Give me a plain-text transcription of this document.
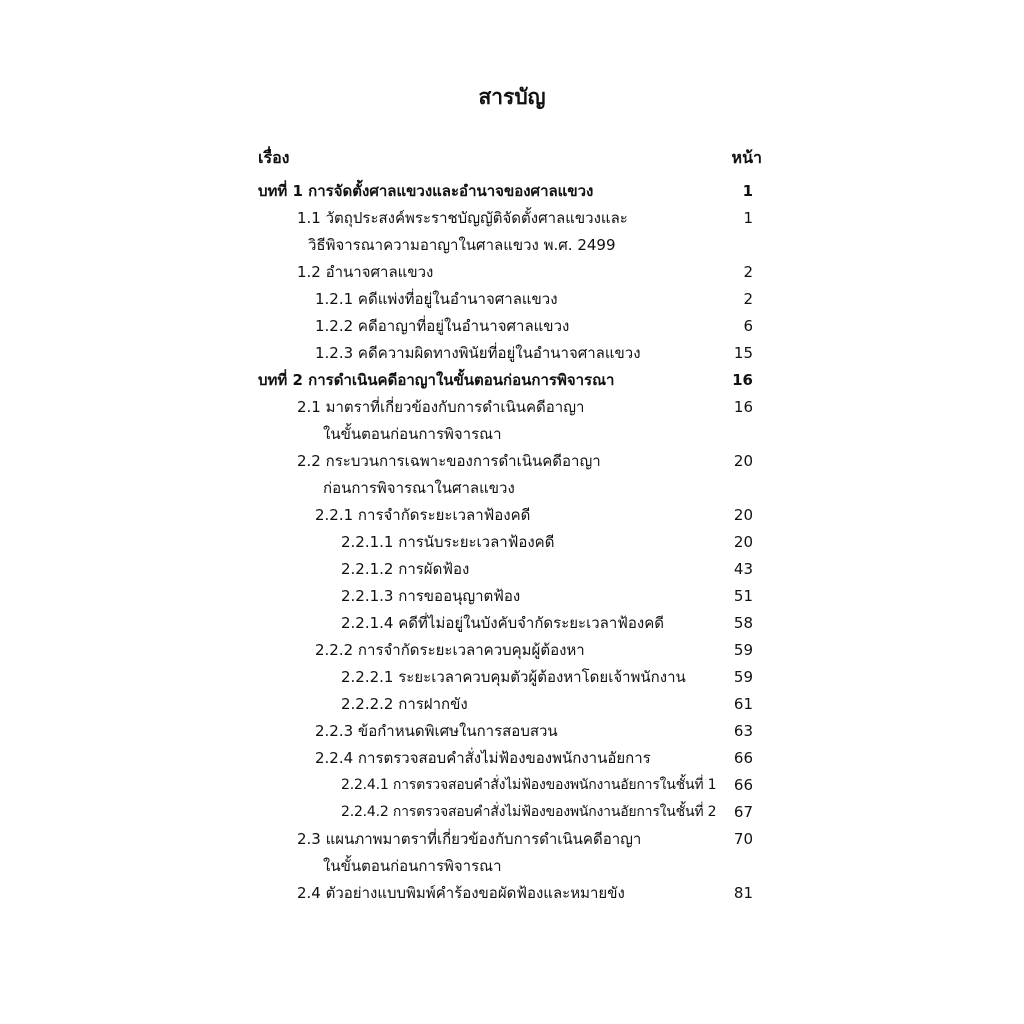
สารบัญ
เรื่อง	หน้า
บทที่ 1 การจัดตั้งศาลแขวงและอำนาจของศาลแขวง	1
1.1 วัตถุประสงค์พระราชบัญญัติจัดตั้งศาลแขวงและ	1
วิธีพิจารณาความอาญาในศาลแขวง พ.ศ. 2499
1.2 อำนาจศาลแขวง	2
1.2.1 คดีแพ่งที่อยู่ในอำนาจศาลแขวง	2
1.2.2 คดีอาญาที่อยู่ในอำนาจศาลแขวง	6
1.2.3 คดีความผิดทางพินัยที่อยู่ในอำนาจศาลแขวง	15
บทที่ 2 การดำเนินคดีอาญาในขั้นตอนก่อนการพิจารณา	16
2.1 มาตราที่เกี่ยวข้องกับการดำเนินคดีอาญา	16
ในขั้นตอนก่อนการพิจารณา
2.2 กระบวนการเฉพาะของการดำเนินคดีอาญา	20
ก่อนการพิจารณาในศาลแขวง
2.2.1 การจำกัดระยะเวลาฟ้องคดี	20
2.2.1.1 การนับระยะเวลาฟ้องคดี	20
2.2.1.2 การผัดฟ้อง	43
2.2.1.3 การขออนุญาตฟ้อง	51
2.2.1.4 คดีที่ไม่อยู่ในบังคับจำกัดระยะเวลาฟ้องคดี	58
2.2.2 การจำกัดระยะเวลาควบคุมผู้ต้องหา	59
2.2.2.1 ระยะเวลาควบคุมตัวผู้ต้องหาโดยเจ้าพนักงาน	59
2.2.2.2 การฝากขัง	61
2.2.3 ข้อกำหนดพิเศษในการสอบสวน	63
2.2.4 การตรวจสอบคำสั่งไม่ฟ้องของพนักงานอัยการ	66
2.2.4.1 การตรวจสอบคำสั่งไม่ฟ้องของพนักงานอัยการในชั้นที่ 1	66
2.2.4.2 การตรวจสอบคำสั่งไม่ฟ้องของพนักงานอัยการในชั้นที่ 2	67
2.3 แผนภาพมาตราที่เกี่ยวข้องกับการดำเนินคดีอาญา	70
ในขั้นตอนก่อนการพิจารณา
2.4 ตัวอย่างแบบพิมพ์คำร้องขอผัดฟ้องและหมายขัง	81
